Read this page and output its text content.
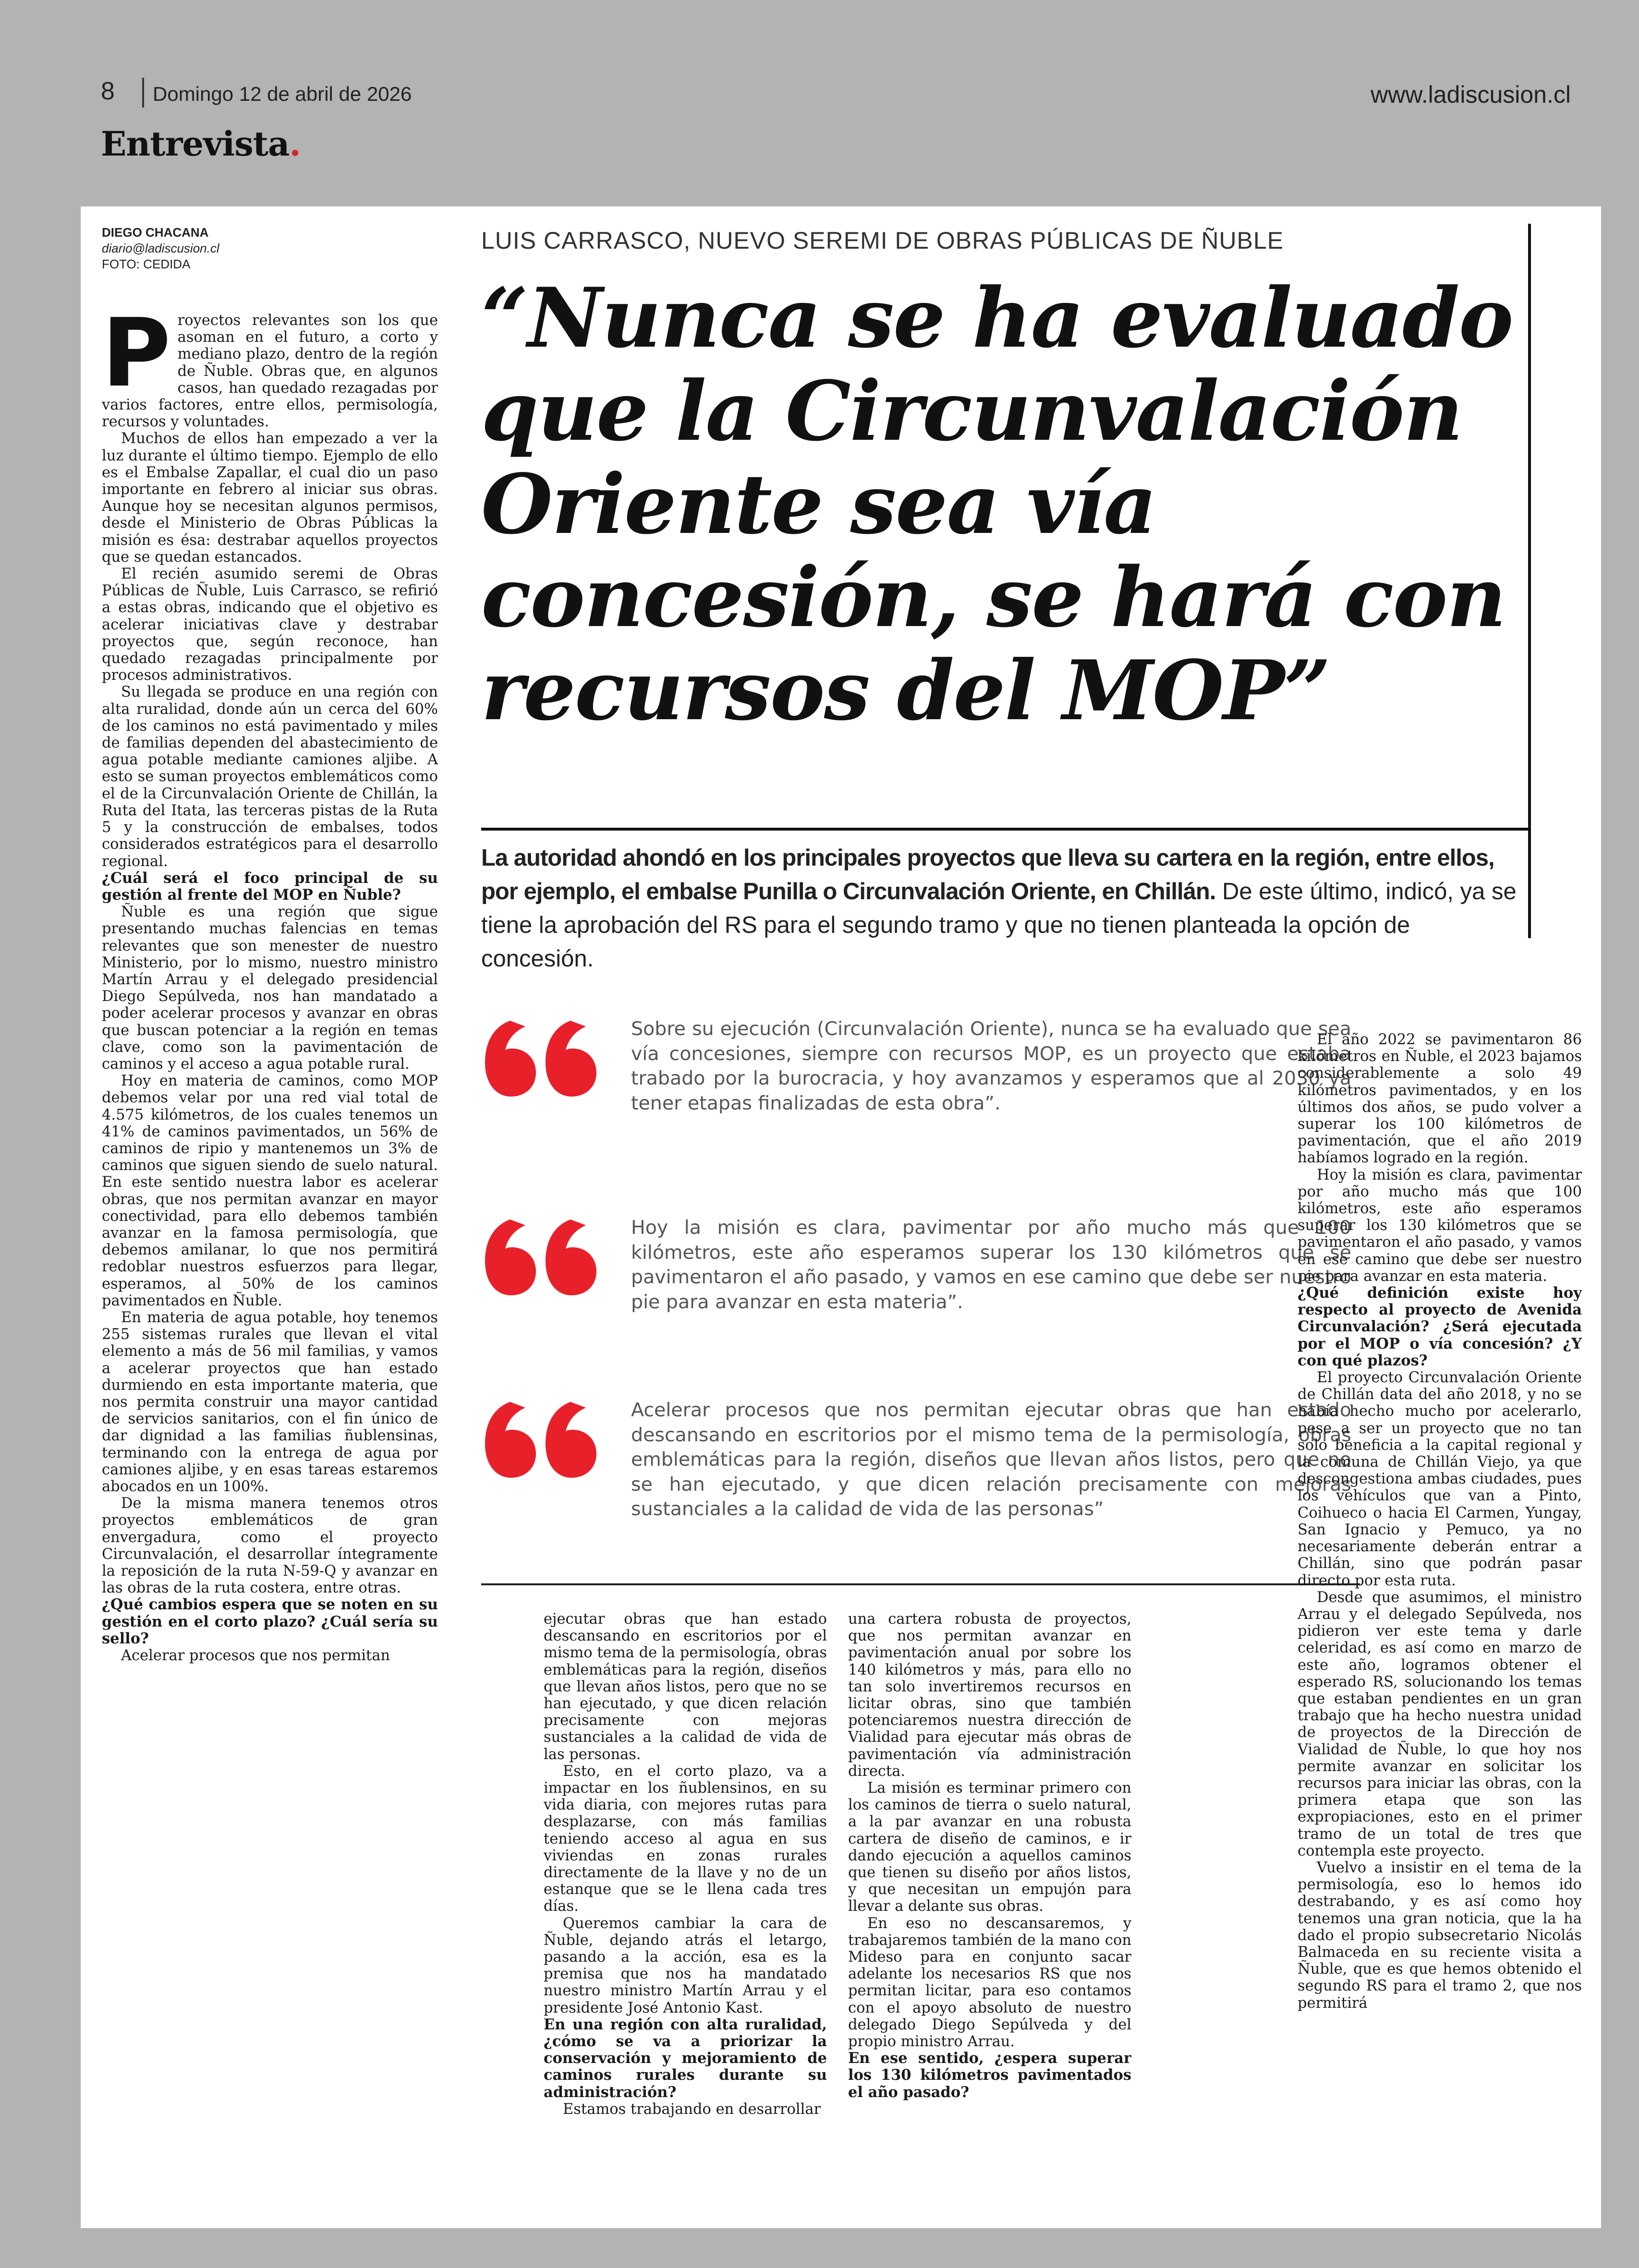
8 Domingo 12 de abril de 2026	www.ladiscusion.cl
Entrevista.
DIEGO CHACANA
diario@ladiscusion.cl
FOTO: CEDIDA
P royectos relevantes son los que asoman en el futuro, a corto y mediano plazo, dentro de la región de Ñuble. Obras que, en algunos casos, han quedado rezagadas por varios factores, entre ellos, permisología, recursos y voluntades.

Muchos de ellos han empezado a ver la luz durante el último tiempo. Ejemplo de ello es el Embalse Zapallar, el cual dio un paso importante en febrero al iniciar sus obras. Aunque hoy se necesitan algunos permisos, desde el Ministerio de Obras Públicas la misión es ésa: destrabar aquellos proyectos que se quedan estancados.

El recién asumido seremi de Obras Públicas de Ñuble, Luis Carrasco, se refirió a estas obras, indicando que el objetivo es acelerar iniciativas clave y destrabar proyectos que, según reconoce, han quedado rezagadas principalmente por procesos administrativos.

Su llegada se produce en una región con alta ruralidad, donde aún un cerca del 60% de los caminos no está pavimentado y miles de familias dependen del abastecimiento de agua potable mediante camiones aljibe. A esto se suman proyectos emblemáticos como el de la Circunvalación Oriente de Chillán, la Ruta del Itata, las terceras pistas de la Ruta 5 y la construcción de embalses, todos considerados estratégicos para el desarrollo regional.

¿Cuál será el foco principal de su gestión al frente del MOP en Ñuble?

Ñuble es una región que sigue presentando muchas falencias en temas relevantes que son menester de nuestro Ministerio, por lo mismo, nuestro ministro Martín Arrau y el delegado presidencial Diego Sepúlveda, nos han mandatado a poder acelerar procesos y avanzar en obras que buscan potenciar a la región en temas clave, como son la pavimentación de caminos y el acceso a agua potable rural.

Hoy en materia de caminos, como MOP debemos velar por una red vial total de 4.575 kilómetros, de los cuales tenemos un 41% de caminos pavimentados, un 56% de caminos de ripio y mantenemos un 3% de caminos que siguen siendo de suelo natural. En este sentido nuestra labor es acelerar obras, que nos permitan avanzar en mayor conectividad, para ello debemos también avanzar en la famosa permisología, que debemos amilanar, lo que nos permitirá redoblar nuestros esfuerzos para llegar, esperamos, al 50% de los caminos pavimentados en Ñuble.

En materia de agua potable, hoy tenemos 255 sistemas rurales que llevan el vital elemento a más de 56 mil familias, y vamos a acelerar proyectos que han estado durmiendo en esta importante materia, que nos permita construir una mayor cantidad de servicios sanitarios, con el fin único de dar dignidad a las familias ñublensinas, terminando con la entrega de agua por camiones aljibe, y en esas tareas estaremos abocados en un 100%.

De la misma manera tenemos otros proyectos emblemáticos de gran envergadura, como el proyecto Circunvalación, el desarrollar íntegramente la reposición de la ruta N-59-Q y avanzar en las obras de la ruta costera, entre otras.

¿Qué cambios espera que se noten en su gestión en el corto plazo? ¿Cuál sería su sello?

Acelerar procesos que nos permitan

LUIS CARRASCO, NUEVO SEREMI DE OBRAS PÚBLICAS DE ÑUBLE
“Nunca se ha evaluado que la Circunvalación Oriente sea vía concesión, se hará con recursos del MOP”
La autoridad ahondó en los principales proyectos que lleva su cartera en la región, entre ellos, por ejemplo, el embalse Punilla o Circunvalación Oriente, en Chillán. De este último, indicó, ya se tiene la aprobación del RS para el segundo tramo y que no tienen planteada la opción de concesión.
Sobre su ejecución (Circunvalación Oriente), nunca se ha evaluado que sea vía concesiones, siempre con recursos MOP, es un proyecto que estaba trabado por la burocracia, y hoy avanzamos y esperamos que al 2030 ya tener etapas finalizadas de esta obra”.
Hoy la misión es clara, pavimentar por año mucho más que 100 kilómetros, este año esperamos superar los 130 kilómetros que se pavimentaron el año pasado, y vamos en ese camino que debe ser nuestro pie para avanzar en esta materia”.
Acelerar procesos que nos permitan ejecutar obras que han estado descansando en escritorios por el mismo tema de la permisología, obras emblemáticas para la región, diseños que llevan años listos, pero que no se han ejecutado, y que dicen relación precisamente con mejoras sustanciales a la calidad de vida de las personas”

ejecutar obras que han estado descansando en escritorios por el mismo tema de la permisología, obras emblemáticas para la región, diseños que llevan años listos, pero que no se han ejecutado, y que dicen relación precisamente con mejoras sustanciales a la calidad de vida de las personas.

Esto, en el corto plazo, va a impactar en los ñublensinos, en su vida diaria, con mejores rutas para desplazarse, con más familias teniendo acceso al agua en sus viviendas en zonas rurales directamente de la llave y no de un estanque que se le llena cada tres días.

Queremos cambiar la cara de Ñuble, dejando atrás el letargo, pasando a la acción, esa es la premisa que nos ha mandatado nuestro ministro Martín Arrau y el presidente José Antonio Kast.

En una región con alta ruralidad, ¿cómo se va a priorizar la conservación y mejoramiento de caminos rurales durante su administración?

Estamos trabajando en desarrollar

una cartera robusta de proyectos, que nos permitan avanzar en pavimentación anual por sobre los 140 kilómetros y más, para ello no tan solo invertiremos recursos en licitar obras, sino que también potenciaremos nuestra dirección de Vialidad para ejecutar más obras de pavimentación vía administración directa.

La misión es terminar primero con los caminos de tierra o suelo natural, a la par avanzar en una robusta cartera de diseño de caminos, e ir dando ejecución a aquellos caminos que tienen su diseño por años listos, y que necesitan un empujón para llevar a delante sus obras.

En eso no descansaremos, y trabajaremos también de la mano con Mideso para en conjunto sacar adelante los necesarios RS que nos permitan licitar, para eso contamos con el apoyo absoluto de nuestro delegado Diego Sepúlveda y del propio ministro Arrau.

En ese sentido, ¿espera superar los 130 kilómetros pavimentados el año pasado?

El año 2022 se pavimentaron 86 kilómetros en Ñuble, el 2023 bajamos considerablemente a solo 49 kilómetros pavimentados, y en los últimos dos años, se pudo volver a superar los 100 kilómetros de pavimentación, que el año 2019 habíamos logrado en la región.

Hoy la misión es clara, pavimentar por año mucho más que 100 kilómetros, este año esperamos superar los 130 kilómetros que se pavimentaron el año pasado, y vamos en ese camino que debe ser nuestro pie para avanzar en esta materia.

¿Qué definición existe hoy respecto al proyecto de Avenida Circunvalación? ¿Será ejecutada por el MOP o vía concesión? ¿Y con qué plazos?

El proyecto Circunvalación Oriente de Chillán data del año 2018, y no se había hecho mucho por acelerarlo, pese a ser un proyecto que no tan solo beneficia a la capital regional y la comuna de Chillán Viejo, ya que descongestiona ambas ciudades, pues los vehículos que van a Pinto, Coihueco o hacia El Carmen, Yungay, San Ignacio y Pemuco, ya no necesariamente deberán entrar a Chillán, sino que podrán pasar directo por esta ruta.

Desde que asumimos, el ministro Arrau y el delegado Sepúlveda, nos pidieron ver este tema y darle celeridad, es así como en marzo de este año, logramos obtener el esperado RS, solucionando los temas que estaban pendientes en un gran trabajo que ha hecho nuestra unidad de proyectos de la Dirección de Vialidad de Ñuble, lo que hoy nos permite avanzar en solicitar los recursos para iniciar las obras, con la primera etapa que son las expropiaciones, esto en el primer tramo de un total de tres que contempla este proyecto.

Vuelvo a insistir en el tema de la permisología, eso lo hemos ido destrabando, y es así como hoy tenemos una gran noticia, que la ha dado el propio subsecretario Nicolás Balmaceda en su reciente visita a Ñuble, que es que hemos obtenido el segundo RS para el tramo 2, que nos permitirá
